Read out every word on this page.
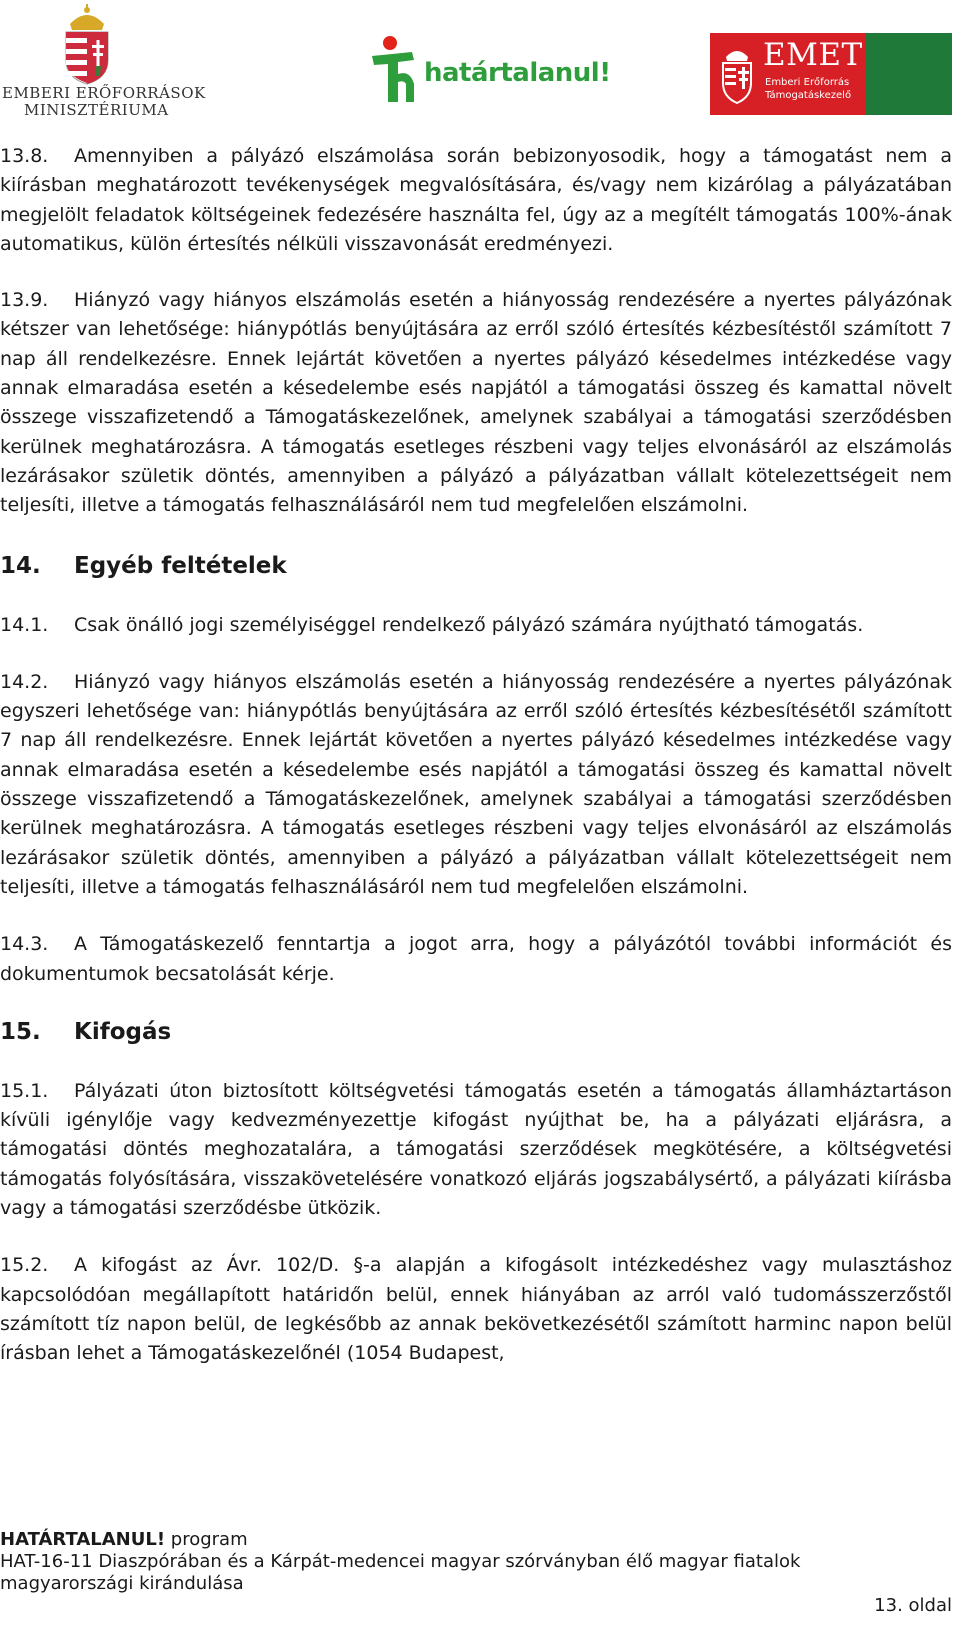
EMBERI ERŐFORRÁSOK
MINISZTÉRIUMA
határtalanul!	EMET
Emberi Erőforrás
Támogatáskezelő

13.8. Amennyiben a pályázó elszámolása során bebizonyosodik, hogy a támogatást nem a kiírásban meghatározott tevékenységek megvalósítására, és/vagy nem kizárólag a pályázatában megjelölt feladatok költségeinek fedezésére használta fel, úgy az a megítélt támogatás 100%-ának automatikus, külön értesítés nélküli visszavonását eredményezi.

13.9. Hiányzó vagy hiányos elszámolás esetén a hiányosság rendezésére a nyertes pályázónak kétszer van lehetősége: hiánypótlás benyújtására az erről szóló értesítés kézbesítéstől számított 7 nap áll rendelkezésre. Ennek lejártát követően a nyertes pályázó késedelmes intézkedése vagy annak elmaradása esetén a késedelembe esés napjától a támogatási összeg és kamattal növelt összege visszafizetendő a Támogatáskezelőnek, amelynek szabályai a támogatási szerződésben kerülnek meghatározásra. A támogatás esetleges részbeni vagy teljes elvonásáról az elszámolás lezárásakor születik döntés, amennyiben a pályázó a pályázatban vállalt kötelezettségeit nem teljesíti, illetve a támogatás felhasználásáról nem tud megfelelően elszámolni.

14. Egyéb feltételek

14.1. Csak önálló jogi személyiséggel rendelkező pályázó számára nyújtható támogatás.

14.2. Hiányzó vagy hiányos elszámolás esetén a hiányosság rendezésére a nyertes pályázónak egyszeri lehetősége van: hiánypótlás benyújtására az erről szóló értesítés kézbesítésétől számított 7 nap áll rendelkezésre. Ennek lejártát követően a nyertes pályázó késedelmes intézkedése vagy annak elmaradása esetén a késedelembe esés napjától a támogatási összeg és kamattal növelt összege visszafizetendő a Támogatáskezelőnek, amelynek szabályai a támogatási szerződésben kerülnek meghatározásra. A támogatás esetleges részbeni vagy teljes elvonásáról az elszámolás lezárásakor születik döntés, amennyiben a pályázó a pályázatban vállalt kötelezettségeit nem teljesíti, illetve a támogatás felhasználásáról nem tud megfelelően elszámolni.

14.3. A Támogatáskezelő fenntartja a jogot arra, hogy a pályázótól további információt és dokumentumok becsatolását kérje.

15. Kifogás

15.1. Pályázati úton biztosított költségvetési támogatás esetén a támogatás államháztartáson kívüli igénylője vagy kedvezményezettje kifogást nyújthat be, ha a pályázati eljárásra, a támogatási döntés meghozatalára, a támogatási szerződések megkötésére, a költségvetési támogatás folyósítására, visszakövetelésére vonatkozó eljárás jogszabálysértő, a pályázati kiírásba vagy a támogatási szerződésbe ütközik.

15.2. A kifogást az Ávr. 102/D. §-a alapján a kifogásolt intézkedéshez vagy mulasztáshoz kapcsolódóan megállapított határidőn belül, ennek hiányában az arról való tudomásszerzőstől számított tíz napon belül, de legkésőbb az annak bekövetkezésétől számított harminc napon belül írásban lehet a Támogatáskezelőnél (1054 Budapest,

HATÁRTALANUL! program
HAT-16-11 Diaszpórában és a Kárpát-medencei magyar szórványban élő magyar fiatalok
magyarországi kirándulása
13. oldal
